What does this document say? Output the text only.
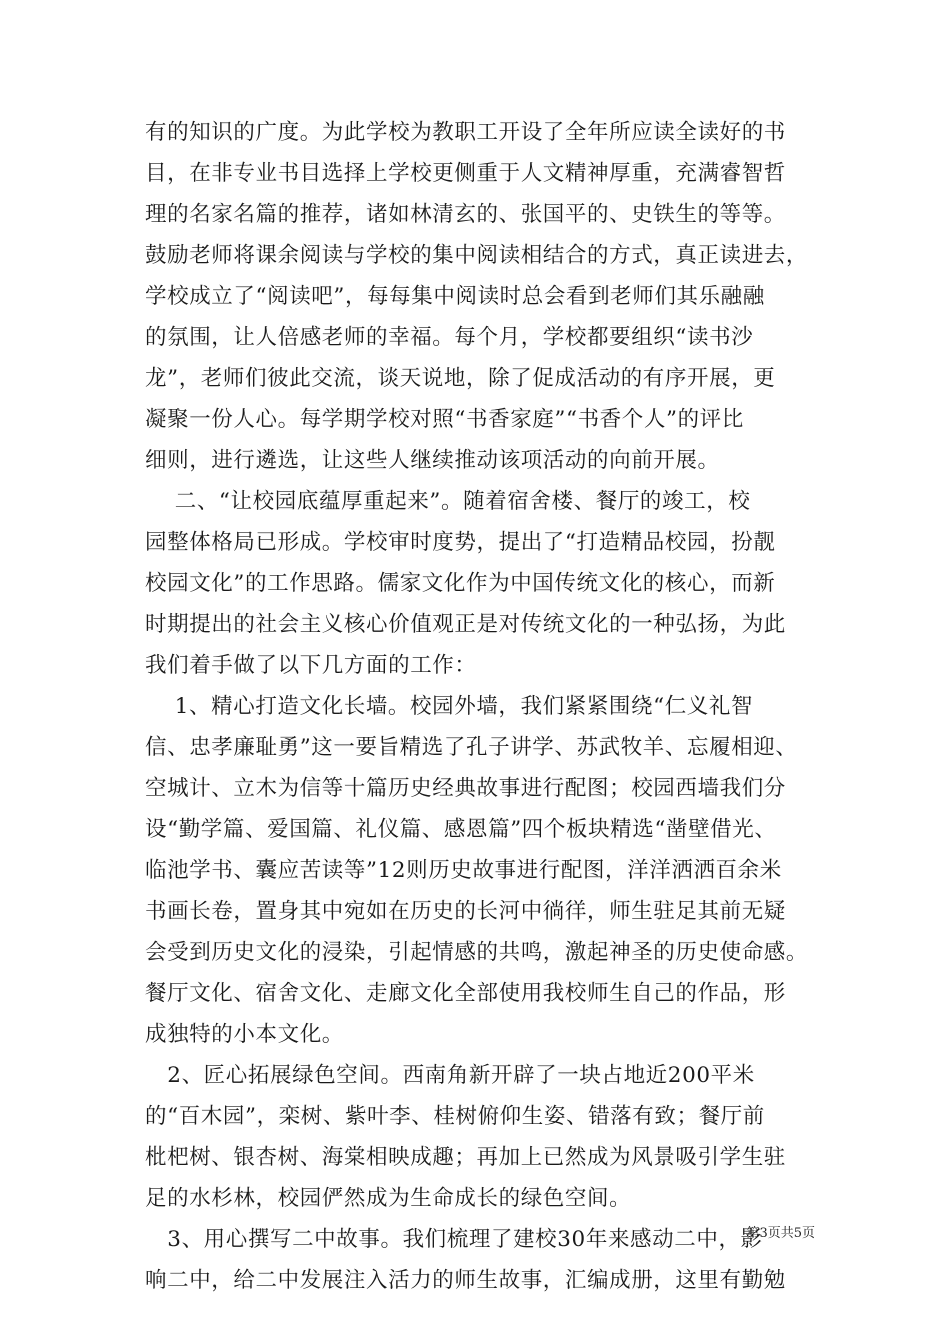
有的知识的广度。为此学校为教职工开设了全年所应读全读好的书
目，在非专业书目选择上学校更侧重于人文精神厚重，充满睿智哲
理的名家名篇的推荐，诸如林清玄的、张国平的、史铁生的等等。
鼓励老师将课余阅读与学校的集中阅读相结合的方式，真正读进去，
学校成立了“阅读吧”，每每集中阅读时总会看到老师们其乐融融
的氛围，让人倍感老师的幸福。每个月，学校都要组织“读书沙
龙”，老师们彼此交流，谈天说地，除了促成活动的有序开展，更
凝聚一份人心。每学期学校对照“书香家庭”“书香个人”的评比
细则，进行遴选，让这些人继续推动该项活动的向前开展。
二、“让校园底蕴厚重起来”。随着宿舍楼、餐厅的竣工，校
园整体格局已形成。学校审时度势，提出了“打造精品校园，扮靓
校园文化”的工作思路。儒家文化作为中国传统文化的核心，而新
时期提出的社会主义核心价值观正是对传统文化的一种弘扬，为此
我们着手做了以下几方面的工作：
1、精心打造文化长墙。校园外墙，我们紧紧围绕“仁义礼智
信、忠孝廉耻勇”这一要旨精选了孔子讲学、苏武牧羊、忘履相迎、
空城计、立木为信等十篇历史经典故事进行配图；校园西墙我们分
设“勤学篇、爱国篇、礼仪篇、感恩篇”四个板块精选“凿壁借光、
临池学书、囊应苦读等”12则历史故事进行配图，洋洋洒洒百余米
书画长卷，置身其中宛如在历史的长河中徜徉，师生驻足其前无疑
会受到历史文化的浸染，引起情感的共鸣，激起神圣的历史使命感。
餐厅文化、宿舍文化、走廊文化全部使用我校师生自己的作品，形
成独特的小本文化。
2、匠心拓展绿色空间。西南角新开辟了一块占地近200平米
的“百木园”，栾树、紫叶李、桂树俯仰生姿、错落有致；餐厅前
枇杷树、银杏树、海棠相映成趣；再加上已然成为风景吸引学生驻
足的水杉林，校园俨然成为生命成长的绿色空间。
3、用心撰写二中故事。我们梳理了建校30年来感动二中，影
响二中，给二中发展注入活力的师生故事，汇编成册，这里有勤勉
第3页共5页
